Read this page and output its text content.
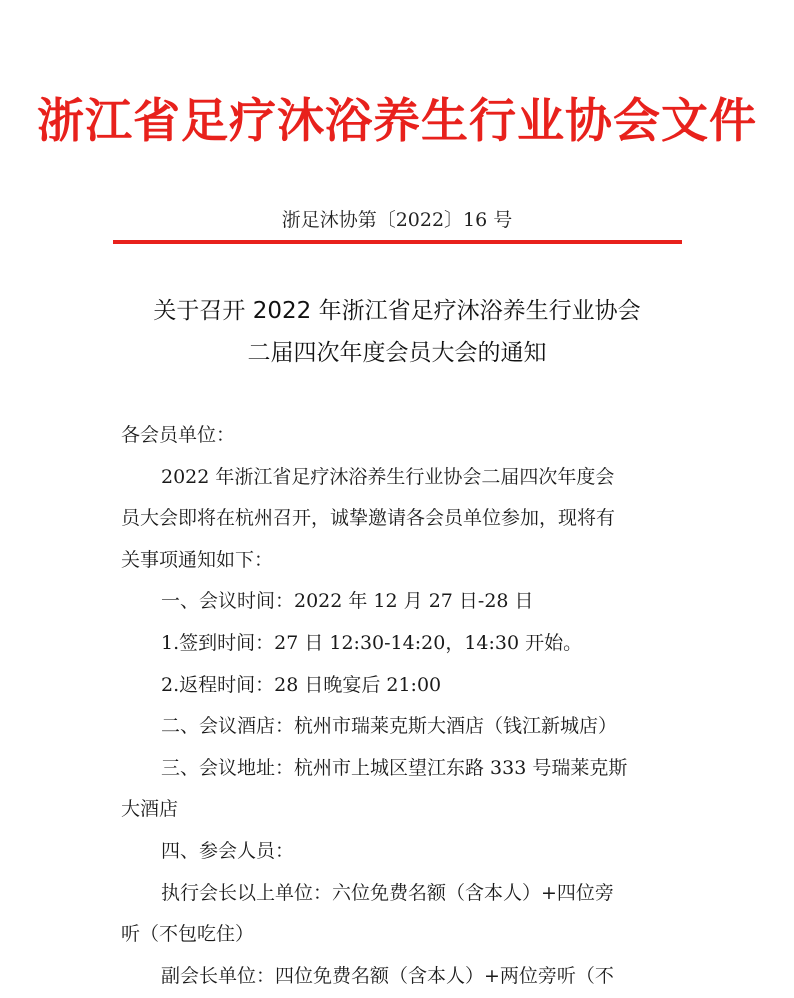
浙江省足疗沐浴养生行业协会文件
浙足沐协第〔2022〕16 号
关于召开 2022 年浙江省足疗沐浴养生行业协会
二届四次年度会员大会的通知
各会员单位：
2022 年浙江省足疗沐浴养生行业协会二届四次年度会
员大会即将在杭州召开，诚挚邀请各会员单位参加，现将有
关事项通知如下：
一、会议时间：2022 年 12 月 27 日-28 日
1.签到时间：27 日 12:30-14:20，14:30 开始。
2.返程时间：28 日晚宴后 21:00
二、会议酒店：杭州市瑞莱克斯大酒店（钱江新城店）
三、会议地址：杭州市上城区望江东路 333 号瑞莱克斯
大酒店
四、参会人员：
执行会长以上单位：六位免费名额（含本人）+四位旁
听（不包吃住）
副会长单位：四位免费名额（含本人）+两位旁听（不
